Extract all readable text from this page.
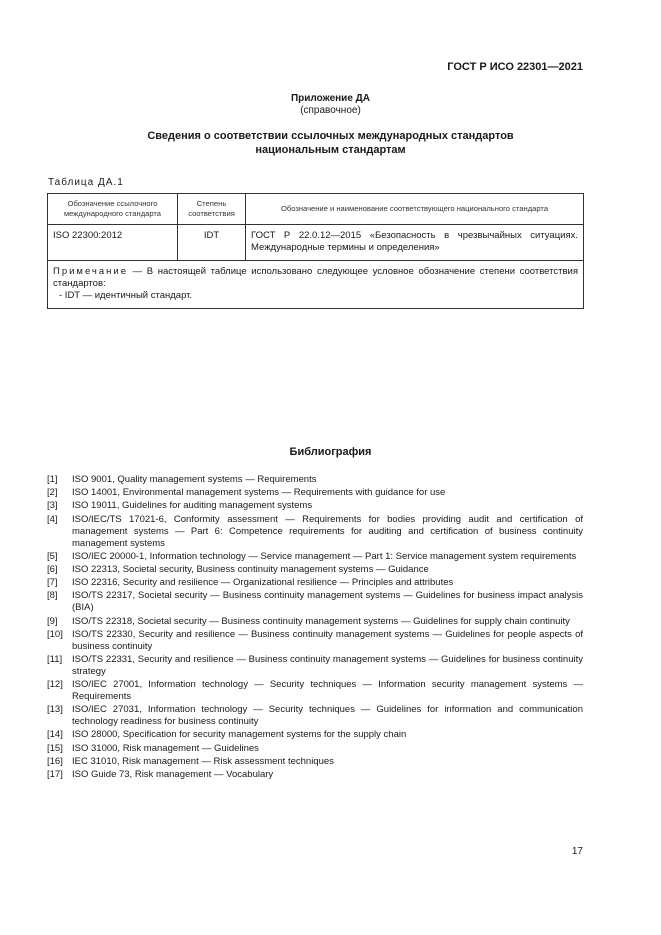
ГОСТ Р ИСО 22301—2021
Приложение ДА
(справочное)
Сведения о соответствии ссылочных международных стандартов
национальным стандартам
Таблица ДА.1
Обозначение ссылочного международного стандарта	Степень соответствия	Обозначение и наименование соответствующего национального стандарта
ISO 22300:2012	IDT	ГОСТ Р 22.0.12—2015 «Безопасность в чрезвычайных ситуациях. Международные термины и определения»

Примечание — В настоящей таблице использовано следующее условное обозначение степени соответствия стандартов:
- IDT — идентичный стандарт.		
Библиография
[1]	ISO 9001, Quality management systems — Requirements
[2]	ISO 14001, Environmental management systems — Requirements with guidance for use
[3]	ISO 19011, Guidelines for auditing management systems
[4]	ISO/IEC/TS 17021-6, Conformity assessment — Requirements for bodies providing audit and certification of management systems — Part 6: Competence requirements for auditing and certification of business continuity management systems
[5]	ISO/IEC 20000-1, Information technology — Service management — Part 1: Service management system requirements
[6]	ISO 22313, Societal security, Business continuity management systems — Guidance
[7]	ISO 22316, Security and resilience — Organizational resilience — Principles and attributes
[8]	ISO/TS 22317, Societal security — Business continuity management systems — Guidelines for business impact analysis (BIA)
[9]	ISO/TS 22318, Societal security — Business continuity management systems — Guidelines for supply chain continuity
[10] ISO/TS 22330, Security and resilience — Business continuity management systems — Guidelines for people aspects of business continuity
[11]	ISO/TS 22331, Security and resilience — Business continuity management systems — Guidelines for business continuity strategy
[12] ISO/IEC 27001, Information technology — Security techniques — Information security management systems — Requirements
[13] ISO/IEC 27031, Information technology — Security techniques — Guidelines for information and communication technology readiness for business continuity
[14] ISO 28000, Specification for security management systems for the supply chain
[15] ISO 31000, Risk management — Guidelines
[16] IEC 31010, Risk management — Risk assessment techniques
[17] ISO Guide 73, Risk management — Vocabulary
17
